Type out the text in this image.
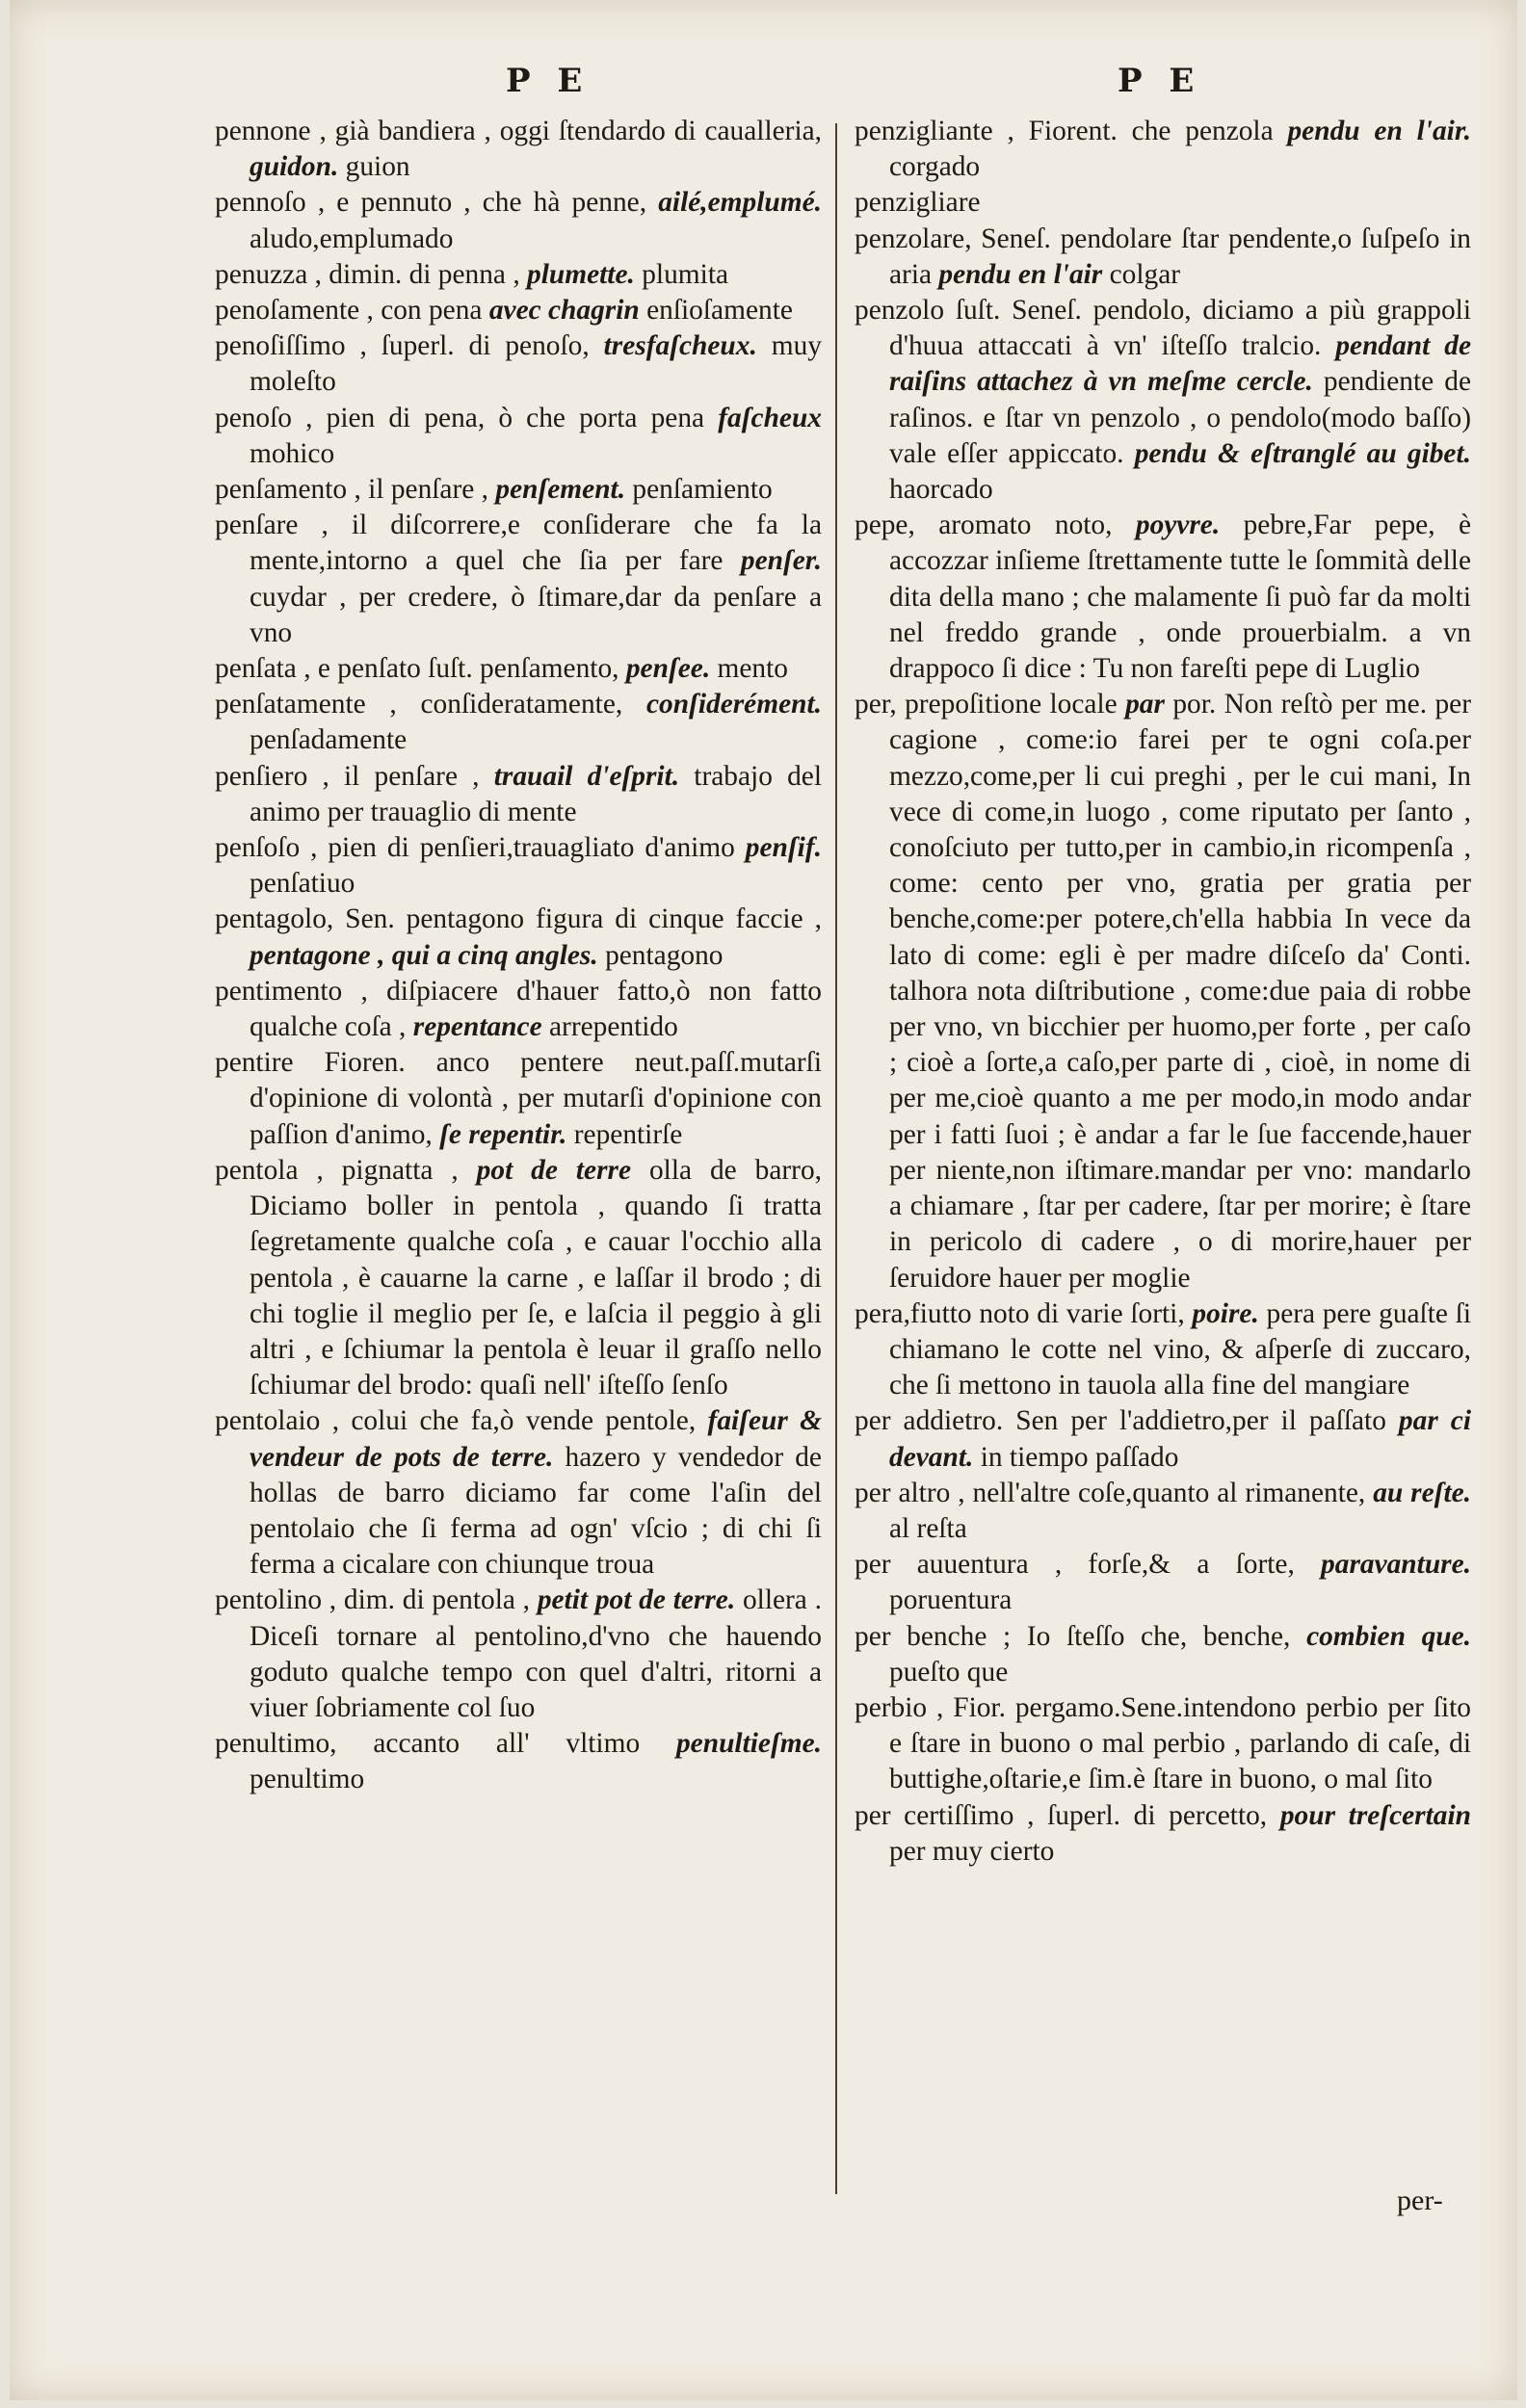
P E	P E

pennone , già bandiera , oggi ſtendardo di caualleria, guidon. guion

pennoſo , e pennuto , che hà penne, ailé,emplumé. aludo,emplumado

penuzza , dimin. di penna , plumette. plumita

penoſamente , con pena avec chagrin enſioſamente

penoſiſſimo , ſuperl. di penoſo, tresfaſcheux. muy moleſto

penoſo , pien di pena, ò che porta pena faſcheux mohico

penſamento , il penſare , penſement. penſamiento

penſare , il diſcorrere,e conſiderare che fa la mente,intorno a quel che ſia per fare penſer. cuydar , per credere, ò ſtimare,dar da penſare a vno

penſata , e penſato ſuſt. penſamento, penſee. mento

penſatamente , conſideratamente, conſiderément. penſadamente

penſiero , il penſare , trauail d'eſprit. trabajo del animo per trauaglio di mente

penſoſo , pien di penſieri,trauagliato d'animo penſif. penſatiuo

pentagolo, Sen. pentagono figura di cinque faccie , pentagone , qui a cinq angles. pentagono

pentimento , diſpiacere d'hauer fatto,ò non fatto qualche coſa , repentance arrepentido

pentire Fioren. anco pentere neut.paſſ.mutarſi d'opinione di volontà , per mutarſi d'opinione con paſſion d'animo, ſe repentir. repentirſe

pentola , pignatta , pot de terre olla de barro, Diciamo boller in pentola , quando ſi tratta ſegretamente qualche coſa , e cauar l'occhio alla pentola , è cauarne la carne , e laſſar il brodo ; di chi toglie il meglio per ſe, e laſcia il peggio à gli altri , e ſchiumar la pentola è leuar il graſſo nello ſchiumar del brodo: quaſi nell' iſteſſo ſenſo

pentolaio , colui che fa,ò vende pentole, faiſeur & vendeur de pots de terre. hazero y vendedor de hollas de barro diciamo far come l'aſin del pentolaio che ſi ferma ad ogn' vſcio ; di chi ſi ferma a cicalare con chiunque troua

pentolino , dim. di pentola , petit pot de terre. ollera . Diceſi tornare al pentolino,d'vno che hauendo goduto qualche tempo con quel d'altri, ritorni a viuer ſobriamente col ſuo

penultimo, accanto all' vltimo penultieſme. penultimo

penzigliante , Fiorent. che penzola pendu en l'air. corgado

penzigliare

penzolare, Seneſ. pendolare ſtar pendente,o ſuſpeſo in aria pendu en l'air colgar

penzolo ſuſt. Seneſ. pendolo, diciamo a più grappoli d'huua attaccati à vn' iſteſſo tralcio. pendant de raiſins attachez à vn meſme cercle. pendiente de raſinos. e ſtar vn penzolo , o pendolo(modo baſſo) vale eſſer appiccato. pendu & eſtranglé au gibet. haorcado

pepe, aromato noto, poyvre. pebre,Far pepe, è accozzar inſieme ſtrettamente tutte le ſommità delle dita della mano ; che malamente ſi può far da molti nel freddo grande , onde prouerbialm. a vn drappoco ſi dice : Tu non fareſti pepe di Luglio

per, prepoſitione locale par por. Non reſtò per me. per cagione , come:io farei per te ogni coſa.per mezzo,come,per li cui preghi , per le cui mani, In vece di come,in luogo , come riputato per ſanto , conoſciuto per tutto,per in cambio,in ricompenſa , come: cento per vno, gratia per gratia per benche,come:per potere,ch'ella habbia In vece da lato di come: egli è per madre diſceſo da' Conti. talhora nota diſtributione , come:due paia di robbe per vno, vn bicchier per huomo,per forte , per caſo ; cioè a ſorte,a caſo,per parte di , cioè, in nome di per me,cioè quanto a me per modo,in modo andar per i fatti ſuoi ; è andar a far le ſue faccende,hauer per niente,non iſtimare.mandar per vno: mandarlo a chiamare , ſtar per cadere, ſtar per morire; è ſtare in pericolo di cadere , o di morire,hauer per ſeruidore hauer per moglie

pera,fiutto noto di varie ſorti, poire. pera pere guaſte ſi chiamano le cotte nel vino, & aſperſe di zuccaro, che ſi mettono in tauola alla fine del mangiare

per addietro. Sen per l'addietro,per il paſſato par ci devant. in tiempo paſſado

per altro , nell'altre coſe,quanto al rimanente, au reſte. al reſta

per auuentura , forſe,& a ſorte, paravanture. poruentura

per benche ; Io ſteſſo che, benche, combien que. pueſto que

perbio , Fior. pergamo.Sene.intendono perbio per ſito e ſtare in buono o mal perbio , parlando di caſe, di buttighe,oſtarie,e ſim.è ſtare in buono, o mal ſito

per certiſſimo , ſuperl. di percetto, pour treſcertain per muy cierto

per-
